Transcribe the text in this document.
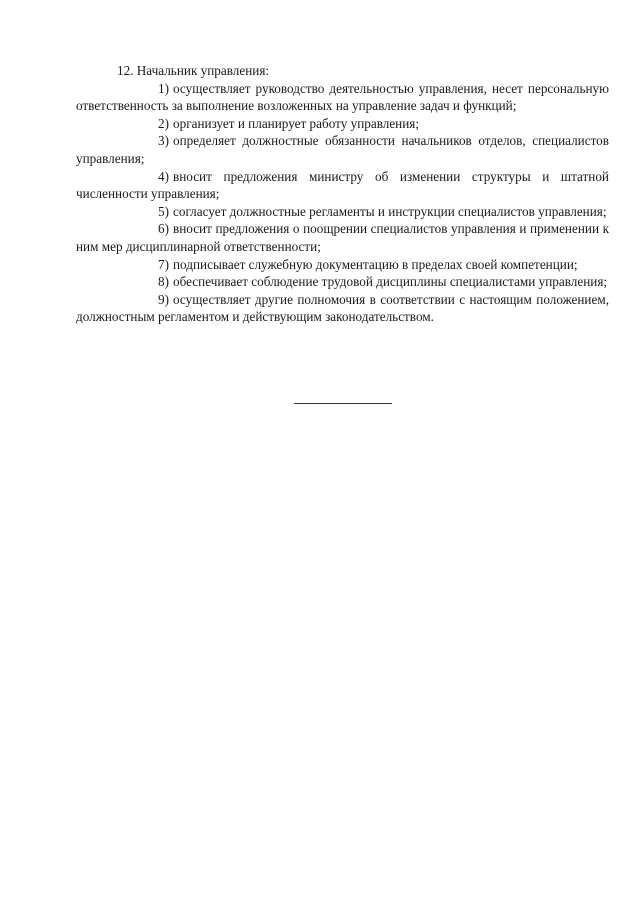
12. Начальник управления:

1) осуществляет руководство деятельностью управления, несет персональную ответственность за выполнение возложенных на управление задач и функций;

2) организует и планирует работу управления;

3) определяет должностные обязанности начальников отделов, специалистов управления;

4) вносит предложения министру об изменении структуры и штатной численности управления;

5) согласует должностные регламенты и инструкции специалистов управления;

6) вносит предложения о поощрении специалистов управления и применении к ним мер дисциплинарной ответственности;

7) подписывает служебную документацию в пределах своей компетенции;

8) обеспечивает соблюдение трудовой дисциплины специалистами управления;

9) осуществляет другие полномочия в соответствии с настоящим положением, должностным регламентом и действующим законодательством.
